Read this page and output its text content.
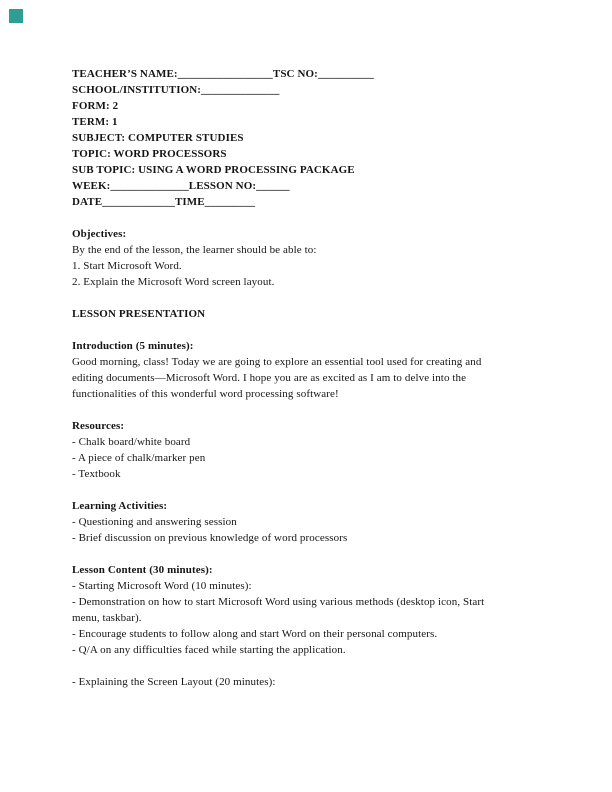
TEACHER’S NAME:_________________TSC NO:__________
SCHOOL/INSTITUTION:______________
FORM: 2
TERM: 1
SUBJECT: COMPUTER STUDIES
TOPIC: WORD PROCESSORS
SUB TOPIC: USING A WORD PROCESSING PACKAGE
WEEK:______________LESSON NO:______
DATE_____________TIME_________
Objectives:
By the end of the lesson, the learner should be able to:
1. Start Microsoft Word.
2. Explain the Microsoft Word screen layout.
LESSON PRESENTATION
Introduction (5 minutes):
Good morning, class! Today we are going to explore an essential tool used for creating and
editing documents—Microsoft Word. I hope you are as excited as I am to delve into the
functionalities of this wonderful word processing software!
Resources:
- Chalk board/white board
- A piece of chalk/marker pen
- Textbook
Learning Activities:
- Questioning and answering session
- Brief discussion on previous knowledge of word processors
Lesson Content (30 minutes):
- Starting Microsoft Word (10 minutes):
- Demonstration on how to start Microsoft Word using various methods (desktop icon, Start
menu, taskbar).
- Encourage students to follow along and start Word on their personal computers.
- Q/A on any difficulties faced while starting the application.
- Explaining the Screen Layout (20 minutes):
